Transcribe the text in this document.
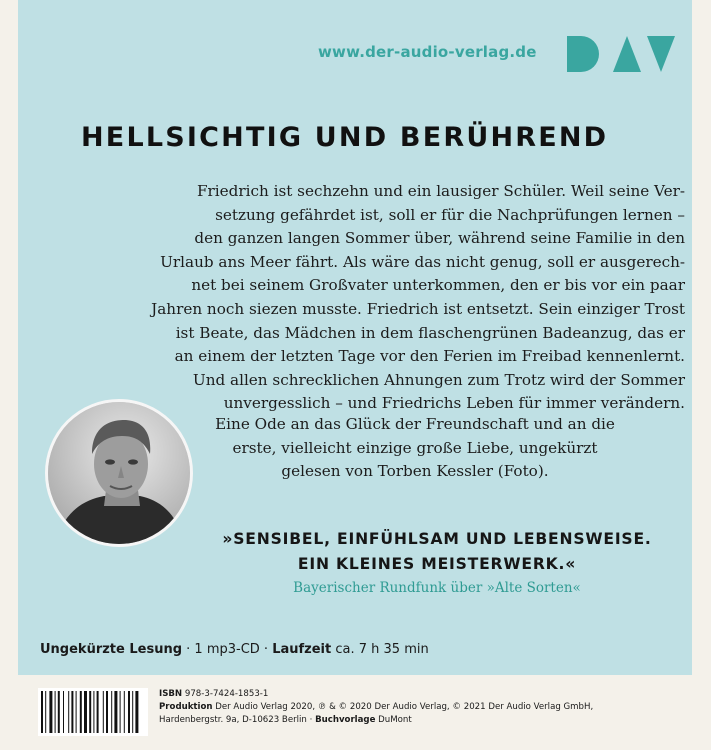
www.der-audio-verlag.de
HELLSICHTIG UND BERÜHREND
Friedrich ist sechzehn und ein lausiger Schüler. Weil seine Ver-
setzung gefährdet ist, soll er für die Nachprüfungen lernen –
den ganzen langen Sommer über, während seine Familie in den
Urlaub ans Meer fährt. Als wäre das nicht genug, soll er ausgerech-
net bei seinem Großvater unterkommen, den er bis vor ein paar
Jahren noch siezen musste. Friedrich ist entsetzt. Sein einziger Trost
ist Beate, das Mädchen in dem flaschengrünen Badeanzug, das er
an einem der letzten Tage vor den Ferien im Freibad kennenlernt.
Und allen schrecklichen Ahnungen zum Trotz wird der Sommer
unvergesslich – und Friedrichs Leben für immer verändern.
Eine Ode an das Glück der Freundschaft und an die
erste, vielleicht einzige große Liebe, ungekürzt
gelesen von Torben Kessler (Foto).
»SENSIBEL, EINFÜHLSAM UND LEBENSWEISE.
EIN KLEINES MEISTERWERK.«
Bayerischer Rundfunk über »Alte Sorten«
Ungekürzte Lesung · 1 mp3-CD · Laufzeit ca. 7 h 35 min
ISBN 978-3-7424-1853-1
Produktion Der Audio Verlag 2020, ℗ & © 2020 Der Audio Verlag, © 2021 Der Audio Verlag GmbH,
Hardenbergstr. 9a, D-10623 Berlin · Buchvorlage DuMont
